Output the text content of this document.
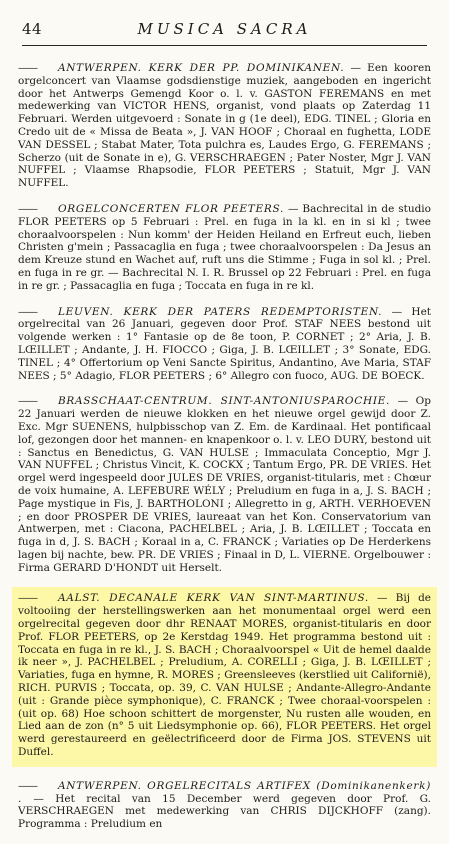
44	MUSICA SACRA

—— ANTWERPEN. KERK DER PP. DOMINIKANEN. — Een kooren orgelconcert van Vlaamse godsdienstige muziek, aangeboden en ingericht door het Antwerps Gemengd Koor o. l. v. GASTON FEREMANS en met medewerking van VICTOR HENS, organist, vond plaats op Zaterdag 11 Februari. Werden uitgevoerd : Sonate in g (1e deel), EDG. TINEL ; Gloria en Credo uit de « Missa de Beata », J. VAN HOOF ; Choraal en fughetta, LODE VAN DESSEL ; Stabat Mater, Tota pulchra es, Laudes Ergo, G. FEREMANS ; Scherzo (uit de Sonate in e), G. VERSCHRAEGEN ; Pater Noster, Mgr J. VAN NUFFEL ; Vlaamse Rhapsodie, FLOR PEETERS ; Statuit, Mgr J. VAN NUFFEL.

—— ORGELCONCERTEN FLOR PEETERS. — Bachrecital in de studio FLOR PEETERS op 5 Februari : Prel. en fuga in la kl. en in si kl ; twee choraalvoorspelen : Nun komm' der Heiden Heiland en Erfreut euch, lieben Christen g'mein ; Passacaglia en fuga ; twee choraalvoorspelen : Da Jesus an dem Kreuze stund en Wachet auf, ruft uns die Stimme ; Fuga in sol kl. ; Prel. en fuga in re gr. — Bachrecital N. I. R. Brussel op 22 Februari : Prel. en fuga in re gr. ; Passacaglia en fuga ; Toccata en fuga in re kl.

—— LEUVEN. KERK DER PATERS REDEMPTORISTEN. — Het orgelrecital van 26 Januari, gegeven door Prof. STAF NEES bestond uit volgende werken : 1° Fantasie op de 8e toon, P. CORNET ; 2° Aria, J. B. LŒILLET ; Andante, J. H. FIOCCO ; Giga, J. B. LŒILLET ; 3° Sonate, EDG. TINEL ; 4° Offertorium op Veni Sancte Spiritus, Andantino, Ave Maria, STAF NEES ; 5° Adagio, FLOR PEETERS ; 6° Allegro con fuoco, AUG. DE BOECK.

—— BRASSCHAAT-CENTRUM. SINT-ANTONIUSPAROCHIE. — Op 22 Januari werden de nieuwe klokken en het nieuwe orgel gewijd door Z. Exc. Mgr SUENENS, hulpbisschop van Z. Em. de Kardinaal. Het pontificaal lof, gezongen door het mannen- en knapenkoor o. l. v. LEO DURY, bestond uit : Sanctus en Benedictus, G. VAN HULSE ; Immaculata Conceptio, Mgr J. VAN NUFFEL ; Christus Vincit, K. COCKX ; Tantum Ergo, PR. DE VRIES. Het orgel werd ingespeeld door JULES DE VRIES, organist-titularis, met : Chœur de voix humaine, A. LEFEBURE WÉLY ; Preludium en fuga in a, J. S. BACH ; Page mystique in Fis, J. BARTHOLONI ; Allegretto in g, ARTH. VERHOEVEN ; en door PROSPER DE VRIES, laureaat van het Kon. Conservatorium van Antwerpen, met : Ciacona, PACHELBEL ; Aria, J. B. LŒILLET ; Toccata en fuga in d, J. S. BACH ; Koraal in a, C. FRANCK ; Variaties op De Herderkens lagen bij nachte, bew. PR. DE VRIES ; Finaal in D, L. VIERNE. Orgelbouwer : Firma GERARD D'HONDT uit Herselt.

—— AALST. DECANALE KERK VAN SINT-MARTINUS. — Bij de voltooiing der herstellingswerken aan het monumentaal orgel werd een orgelrecital gegeven door dhr RENAAT MORES, organist-titularis en door Prof. FLOR PEETERS, op 2e Kerstdag 1949. Het programma bestond uit : Toccata en fuga in re kl., J. S. BACH ; Choraalvoorspel « Uit de hemel daalde ik neer », J. PACHELBEL ; Preludium, A. CORELLI ; Giga, J. B. LŒILLET ; Variaties, fuga en hymne, R. MORES ; Greensleeves (kerstlied uit Californië), RICH. PURVIS ; Toccata, op. 39, C. VAN HULSE ; Andante-Allegro-Andante (uit : Grande pièce symphonique), C. FRANCK ; Twee choraal-voorspelen : (uit op. 68) Hoe schoon schittert de morgenster, Nu rusten alle wouden, en Lied aan de zon (n° 5 uit Liedsymphonie op. 66), FLOR PEETERS. Het orgel werd gerestaureerd en geëlectrificeerd door de Firma JOS. STEVENS uit Duffel.

—— ANTWERPEN. ORGELRECITALS ARTIFEX (Dominikanenkerk) . — Het recital van 15 December werd gegeven door Prof. G. VERSCHRAEGEN met medewerking van CHRIS DIJCKHOFF (zang). Programma : Preludium en
